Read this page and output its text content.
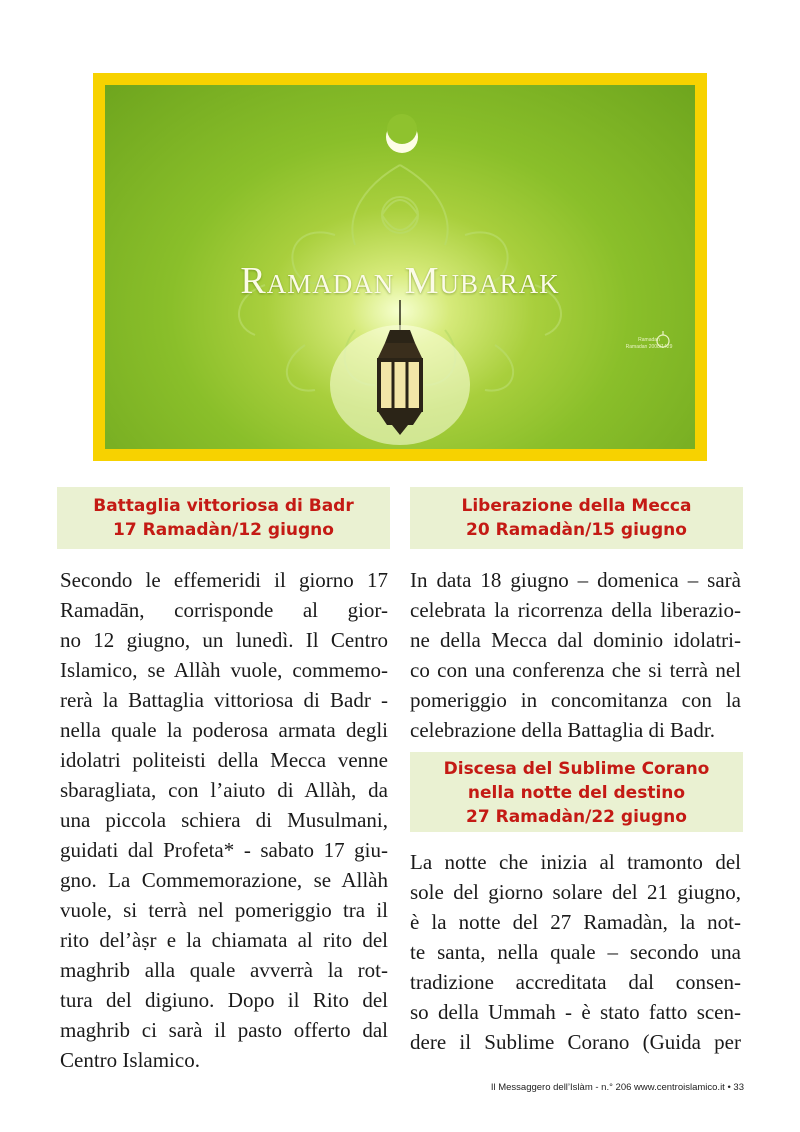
Ramadan Mubarak
Ramadan
Ramadan 2008/1429
Battaglia vittoriosa di Badr
17 Ramadàn/12 giugno
Secondo le effemeridi il giorno 17
Ramadān, corrisponde al gior-
no 12 giugno, un lunedì. Il Centro
Islamico, se Allàh vuole, commemo-
rerà la Battaglia vittoriosa di Badr -
nella quale la poderosa armata degli
idolatri politeisti della Mecca venne
sbaragliata, con l’aiuto di Allàh, da
una piccola schiera di Musulmani,
guidati dal Profeta* - sabato 17 giu-
gno. La Commemorazione, se Allàh
vuole, si terrà nel pomeriggio tra il
rito del’àṣr e la chiamata al rito del
maghrib alla quale avverrà la rot-
tura del digiuno. Dopo il Rito del
maghrib ci sarà il pasto offerto dal
Centro Islamico.
Liberazione della Mecca
20 Ramadàn/15 giugno
In data 18 giugno – domenica – sarà
celebrata la ricorrenza della liberazio-
ne della Mecca dal dominio idolatri-
co con una conferenza che si terrà nel
pomeriggio in concomitanza con la
celebrazione della Battaglia di Badr.
Discesa del Sublime Corano
nella notte del destino
27 Ramadàn/22 giugno
La notte che inizia al tramonto del
sole del giorno solare del 21 giugno,
è la notte del 27 Ramadàn, la not-
te santa, nella quale – secondo una
tradizione accreditata dal consen-
so della Ummah - è stato fatto scen-
dere il Sublime Corano (Guida per
Il Messaggero dell’Islàm - n.° 206 www.centroislamico.it • 33
